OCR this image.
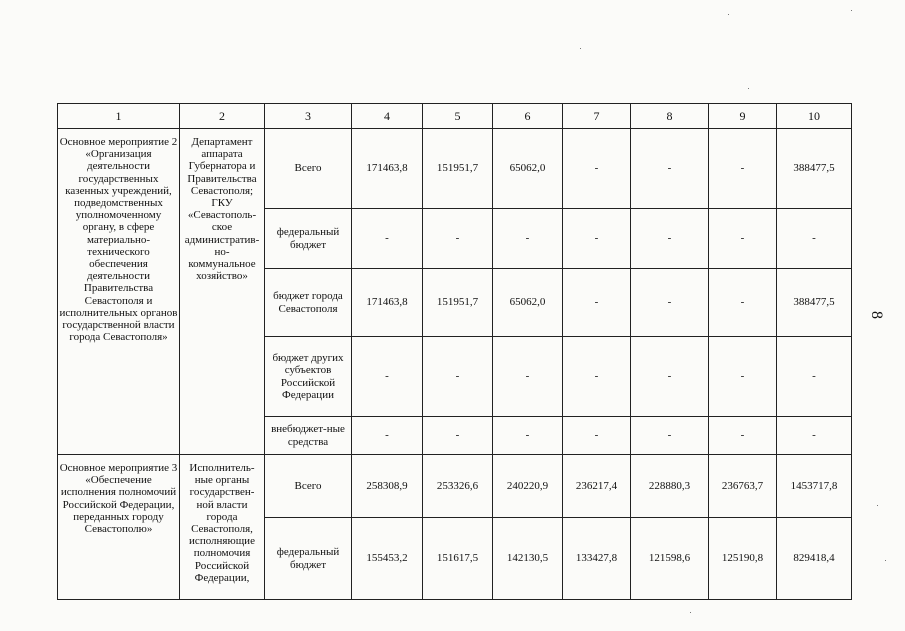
8
1	2	3	4	5	6	7	8	9	10
Основное мероприятие 2 «Организация деятельности государственных казенных учреждений, подведомственных уполномоченному органу, в сфере материально-технического обеспечения деятельности Правительства Севастополя и исполнительных органов государственной власти города Севастополя»	Департамент аппарата Губернатора и Правительства Севастополя; ГКУ «Севастополь-ское административ-но-коммунальное хозяйство»	Всего	171463,8	151951,7	65062,0	-	-	-	388477,5
		федеральный бюджет	-	-	-	-	-	-	-
		бюджет города Севастополя	171463,8	151951,7	65062,0	-	-	-	388477,5
		бюджет других субъектов Российской Федерации	-	-	-	-	-	-	-
		внебюджет-ные средства	-	-	-	-	-	-	-
Основное мероприятие 3 «Обеспечение исполнения полномочий Российской Федерации, переданных городу Севастополю»	Исполнитель-ные органы государствен-ной власти города Севастополя, исполняющие полномочия Российской Федерации,	Всего	258308,9	253326,6	240220,9	236217,4	228880,3	236763,7	1453717,8
		федеральный бюджет	155453,2	151617,5	142130,5	133427,8	121598,6	125190,8	829418,4
